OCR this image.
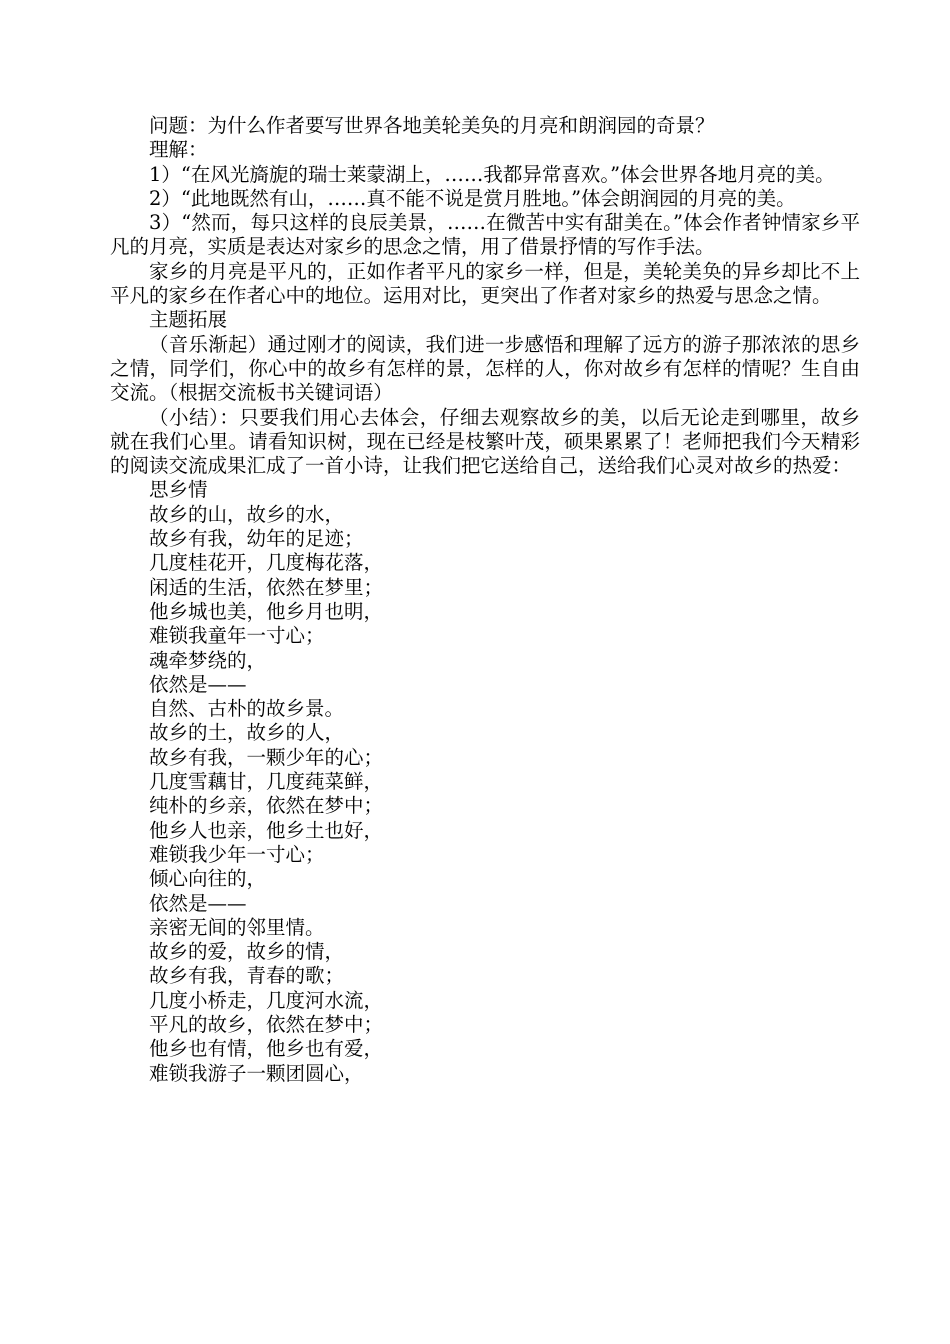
问题：为什么作者要写世界各地美轮美奂的月亮和朗润园的奇景？

理解：

1）“在风光旖旎的瑞士莱蒙湖上，……我都异常喜欢。”体会世界各地月亮的美。

2）“此地既然有山，……真不能不说是赏月胜地。”体会朗润园的月亮的美。

3）“然而，每只这样的良辰美景，……在微苦中实有甜美在。”体会作者钟情家乡平凡的月亮，实质是表达对家乡的思念之情，用了借景抒情的写作手法。

家乡的月亮是平凡的，正如作者平凡的家乡一样，但是，美轮美奂的异乡却比不上平凡的家乡在作者心中的地位。运用对比，更突出了作者对家乡的热爱与思念之情。

主题拓展

（音乐渐起）通过刚才的阅读，我们进一步感悟和理解了远方的游子那浓浓的思乡之情，同学们，你心中的故乡有怎样的景，怎样的人，你对故乡有怎样的情呢？生自由交流。（根据交流板书关键词语）

（小结）：只要我们用心去体会，仔细去观察故乡的美，以后无论走到哪里，故乡就在我们心里。请看知识树，现在已经是枝繁叶茂，硕果累累了！老师把我们今天精彩的阅读交流成果汇成了一首小诗，让我们把它送给自己，送给我们心灵对故乡的热爱：

思乡情

故乡的山，故乡的水，

故乡有我，幼年的足迹；

几度桂花开，几度梅花落，

闲适的生活，依然在梦里；

他乡城也美，他乡月也明，

难锁我童年一寸心；

魂牵梦绕的，

依然是——

自然、古朴的故乡景。

故乡的土，故乡的人，

故乡有我，一颗少年的心；

几度雪藕甘，几度莼菜鲜，

纯朴的乡亲，依然在梦中；

他乡人也亲，他乡土也好，

难锁我少年一寸心；

倾心向往的，

依然是——

亲密无间的邻里情。

故乡的爱，故乡的情，

故乡有我，青春的歌；

几度小桥走，几度河水流，

平凡的故乡，依然在梦中；

他乡也有情，他乡也有爱，

难锁我游子一颗团圆心，
